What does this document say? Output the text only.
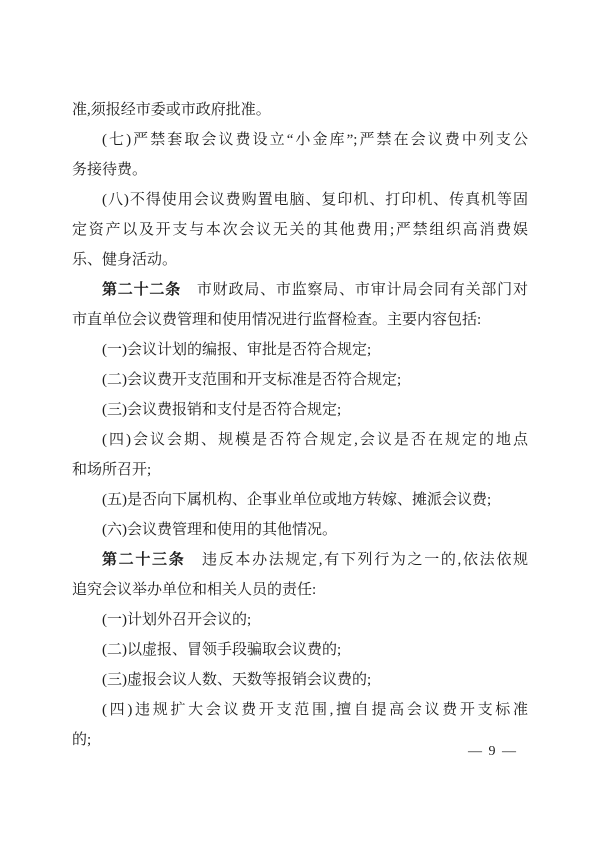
准,须报经市委或市政府批准。
(七)严禁套取会议费设立“小金库”;严禁在会议费中列支公
务接待费。
(八)不得使用会议费购置电脑、复印机、打印机、传真机等固
定资产以及开支与本次会议无关的其他费用;严禁组织高消费娱
乐、健身活动。
第二十二条　市财政局、市监察局、市审计局会同有关部门对
市直单位会议费管理和使用情况进行监督检查。主要内容包括:
(一)会议计划的编报、审批是否符合规定;
(二)会议费开支范围和开支标准是否符合规定;
(三)会议费报销和支付是否符合规定;
(四)会议会期、规模是否符合规定,会议是否在规定的地点
和场所召开;
(五)是否向下属机构、企事业单位或地方转嫁、摊派会议费;
(六)会议费管理和使用的其他情况。
第二十三条　违反本办法规定,有下列行为之一的,依法依规
追究会议举办单位和相关人员的责任:
(一)计划外召开会议的;
(二)以虚报、冒领手段骗取会议费的;
(三)虚报会议人数、天数等报销会议费的;
(四)违规扩大会议费开支范围,擅自提高会议费开支标准
的;
— 9 —
